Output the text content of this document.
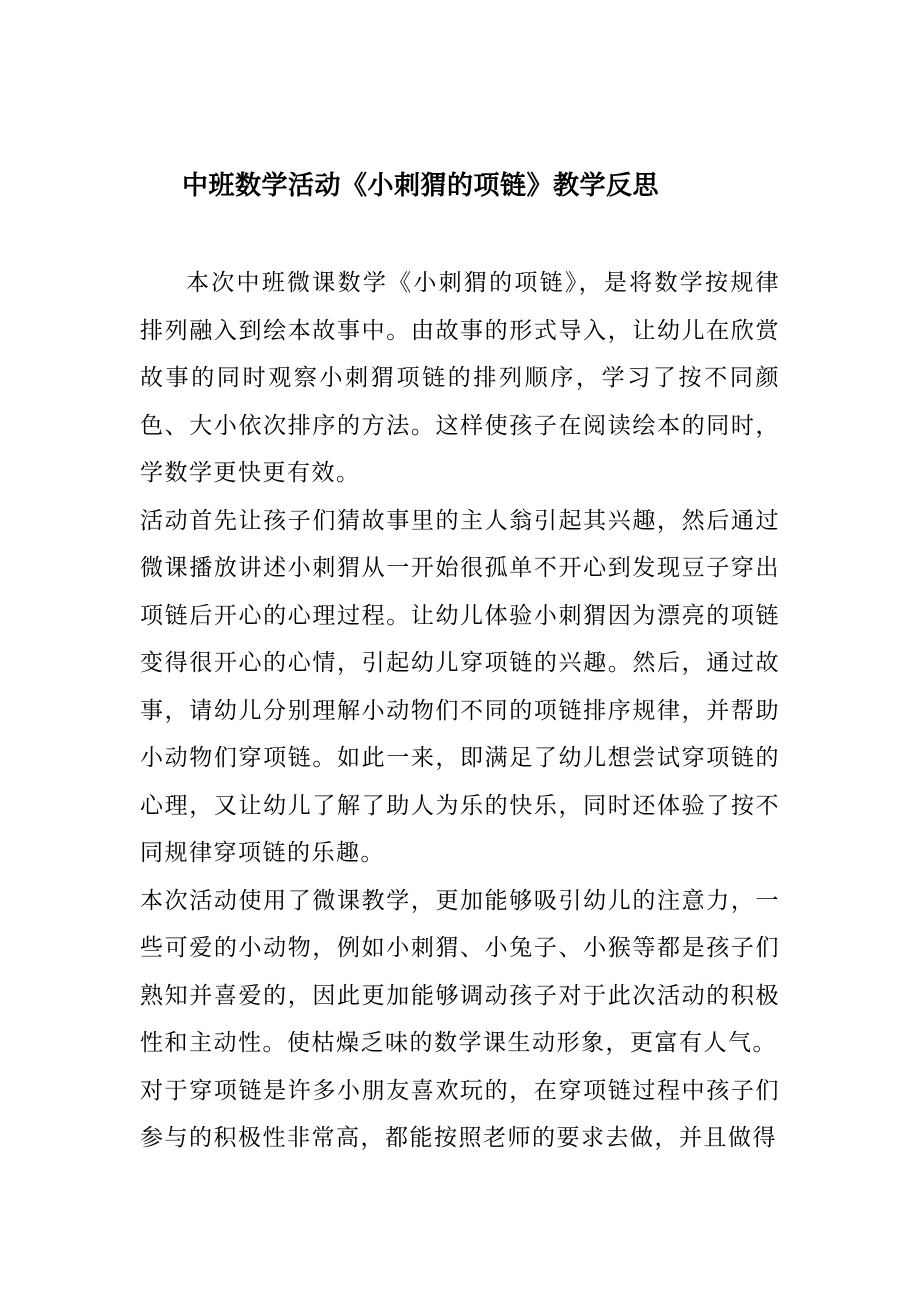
中班数学活动《小刺猬的项链》教学反思

本次中班微课数学《小刺猬的项链》，是将数学按规律排列融入到绘本故事中。由故事的形式导入，让幼儿在欣赏故事的同时观察小刺猬项链的排列顺序，学习了按不同颜色、大小依次排序的方法。这样使孩子在阅读绘本的同时，学数学更快更有效。

活动首先让孩子们猜故事里的主人翁引起其兴趣，然后通过微课播放讲述小刺猬从一开始很孤单不开心到发现豆子穿出项链后开心的心理过程。让幼儿体验小刺猬因为漂亮的项链变得很开心的心情，引起幼儿穿项链的兴趣。然后，通过故事，请幼儿分别理解小动物们不同的项链排序规律，并帮助小动物们穿项链。如此一来，即满足了幼儿想尝试穿项链的心理，又让幼儿了解了助人为乐的快乐，同时还体验了按不同规律穿项链的乐趣。

本次活动使用了微课教学，更加能够吸引幼儿的注意力，一些可爱的小动物，例如小刺猬、小兔子、小猴等都是孩子们熟知并喜爱的，因此更加能够调动孩子对于此次活动的积极性和主动性。使枯燥乏味的数学课生动形象，更富有人气。

对于穿项链是许多小朋友喜欢玩的，在穿项链过程中孩子们参与的积极性非常高，都能按照老师的要求去做，并且做得
